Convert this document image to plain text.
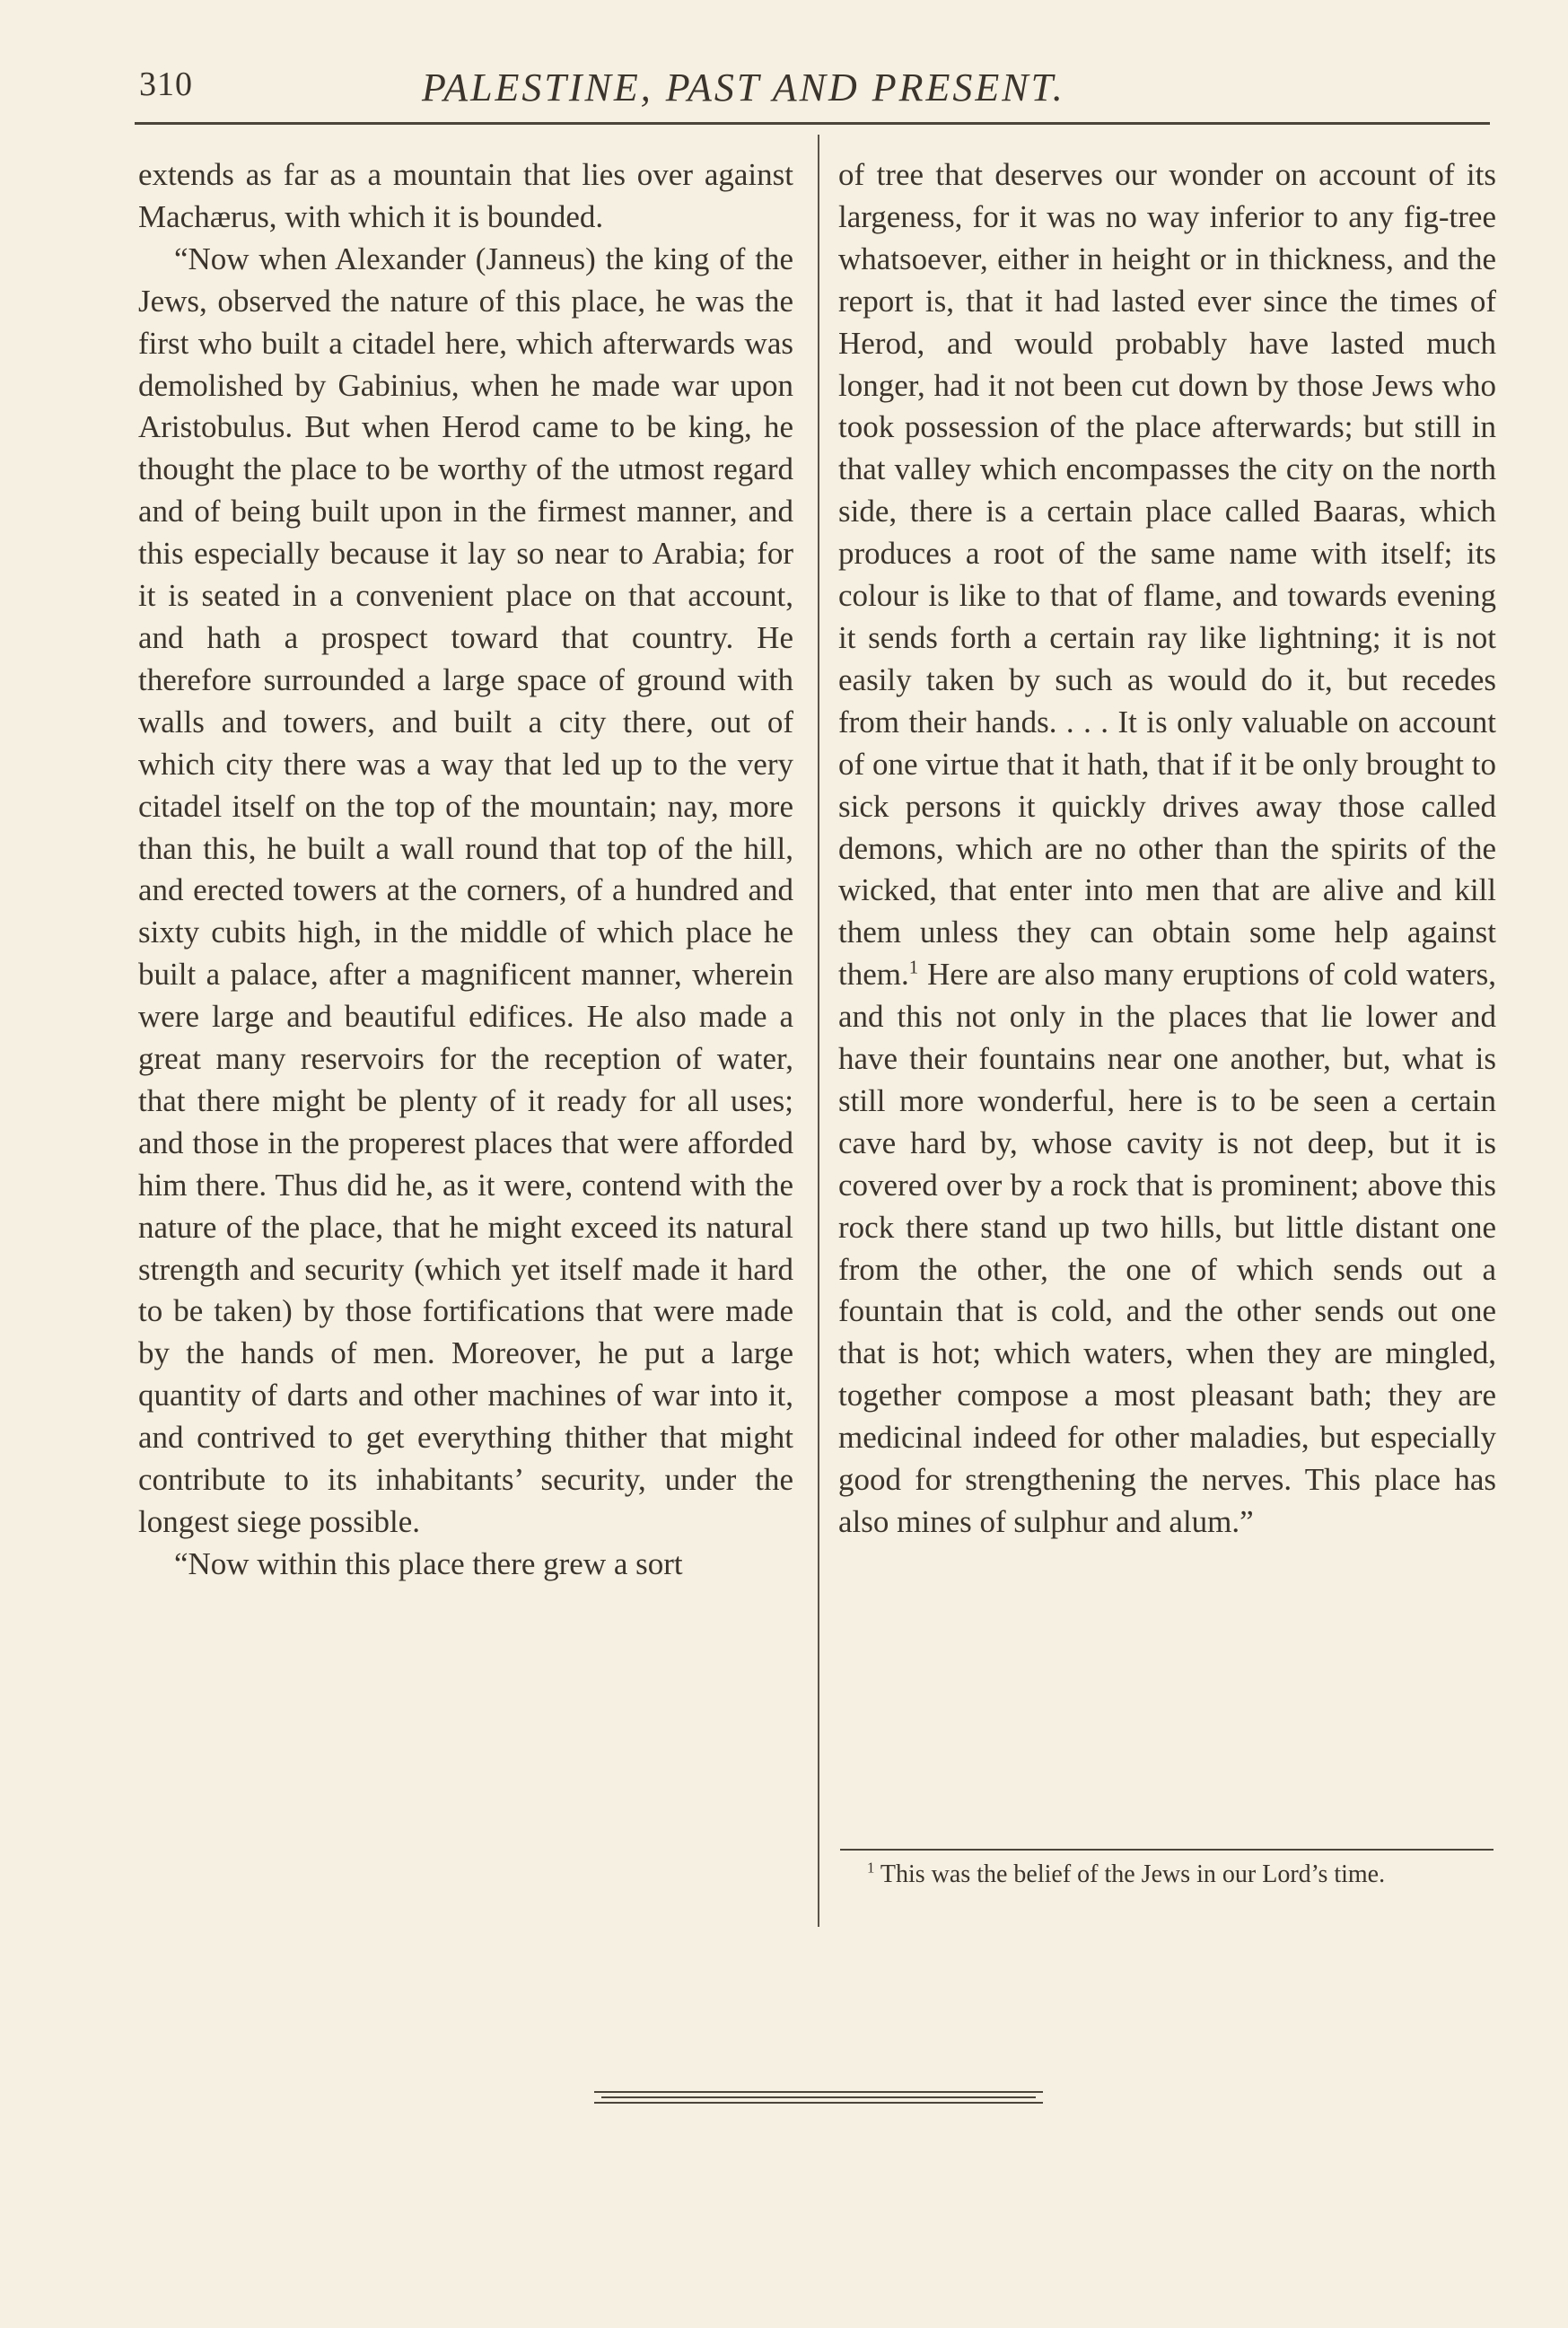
310	PALESTINE, PAST AND PRESENT.

extends as far as a mountain that lies over against Machærus, with which it is bounded.

“Now when Alexander (Janneus) the king of the Jews, observed the nature of this place, he was the first who built a citadel here, which afterwards was demolished by Gabinius, when he made war upon Aristobulus. But when Herod came to be king, he thought the place to be worthy of the utmost regard and of being built upon in the firmest manner, and this especially because it lay so near to Arabia; for it is seated in a convenient place on that account, and hath a prospect toward that country. He therefore surrounded a large space of ground with walls and towers, and built a city there, out of which city there was a way that led up to the very citadel itself on the top of the mountain; nay, more than this, he built a wall round that top of the hill, and erected towers at the corners, of a hundred and sixty cubits high, in the middle of which place he built a palace, after a magnificent manner, wherein were large and beautiful edifices. He also made a great many reservoirs for the reception of water, that there might be plenty of it ready for all uses; and those in the properest places that were afforded him there. Thus did he, as it were, contend with the nature of the place, that he might exceed its natural strength and security (which yet itself made it hard to be taken) by those fortifications that were made by the hands of men. Moreover, he put a large quantity of darts and other machines of war into it, and contrived to get everything thither that might contribute to its inhabitants’ security, under the longest siege possible.

“Now within this place there grew a sort

of tree that deserves our wonder on account of its largeness, for it was no way inferior to any fig-tree whatsoever, either in height or in thickness, and the report is, that it had lasted ever since the times of Herod, and would probably have lasted much longer, had it not been cut down by those Jews who took possession of the place afterwards; but still in that valley which encompasses the city on the north side, there is a certain place called Baaras, which produces a root of the same name with itself; its colour is like to that of flame, and towards evening it sends forth a certain ray like lightning; it is not easily taken by such as would do it, but recedes from their hands. . . . It is only valuable on account of one virtue that it hath, that if it be only brought to sick persons it quickly drives away those called demons, which are no other than the spirits of the wicked, that enter into men that are alive and kill them unless they can obtain some help against them.$^1$ Here are also many eruptions of cold waters, and this not only in the places that lie lower and have their fountains near one another, but, what is still more wonderful, here is to be seen a certain cave hard by, whose cavity is not deep, but it is covered over by a rock that is prominent; above this rock there stand up two hills, but little distant one from the other, the one of which sends out a fountain that is cold, and the other sends out one that is hot; which waters, when they are mingled, together compose a most pleasant bath; they are medicinal indeed for other maladies, but especially good for strengthening the nerves. This place has also mines of sulphur and alum.”

$^1$ This was the belief of the Jews in our Lord’s time.
